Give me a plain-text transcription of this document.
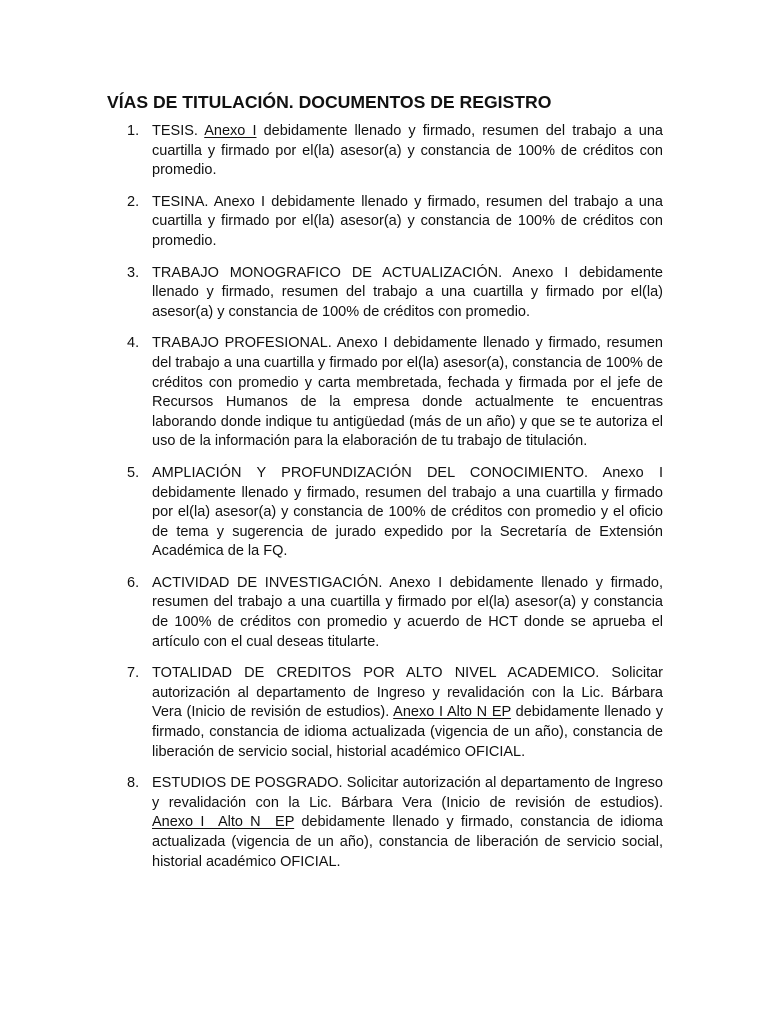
VÍAS DE TITULACIÓN. DOCUMENTOS DE REGISTRO
1. TESIS. Anexo I debidamente llenado y firmado, resumen del trabajo a una cuartilla y firmado por el(la) asesor(a) y constancia de 100% de créditos con promedio.
2. TESINA. Anexo I debidamente llenado y firmado, resumen del trabajo a una cuartilla y firmado por el(la) asesor(a) y constancia de 100% de créditos con promedio.
3. TRABAJO MONOGRAFICO DE ACTUALIZACIÓN. Anexo I debidamente llenado y firmado, resumen del trabajo a una cuartilla y firmado por el(la) asesor(a) y constancia de 100% de créditos con promedio.
4. TRABAJO PROFESIONAL. Anexo I debidamente llenado y firmado, resumen del trabajo a una cuartilla y firmado por el(la) asesor(a), constancia de 100% de créditos con promedio y carta membretada, fechada y firmada por el jefe de Recursos Humanos de la empresa donde actualmente te encuentras laborando donde indique tu antigüedad (más de un año) y que se te autoriza el uso de la información para la elaboración de tu trabajo de titulación.
5. AMPLIACIÓN Y PROFUNDIZACIÓN DEL CONOCIMIENTO. Anexo I debidamente llenado y firmado, resumen del trabajo a una cuartilla y firmado por el(la) asesor(a) y constancia de 100% de créditos con promedio y el oficio de tema y sugerencia de jurado expedido por la Secretaría de Extensión Académica de la FQ.
6. ACTIVIDAD DE INVESTIGACIÓN. Anexo I debidamente llenado y firmado, resumen del trabajo a una cuartilla y firmado por el(la) asesor(a) y constancia de 100% de créditos con promedio y acuerdo de HCT donde se aprueba el artículo con el cual deseas titularte.
7. TOTALIDAD DE CREDITOS POR ALTO NIVEL ACADEMICO. Solicitar autorización al departamento de Ingreso y revalidación con la Lic. Bárbara Vera (Inicio de revisión de estudios). Anexo I Alto N EP debidamente llenado y firmado, constancia de idioma actualizada (vigencia de un año), constancia de liberación de servicio social, historial académico OFICIAL.
8. ESTUDIOS DE POSGRADO. Solicitar autorización al departamento de Ingreso y revalidación con la Lic. Bárbara Vera (Inicio de revisión de estudios). Anexo I  Alto N  EP debidamente llenado y firmado, constancia de idioma actualizada (vigencia de un año), constancia de liberación de servicio social, historial académico OFICIAL.
